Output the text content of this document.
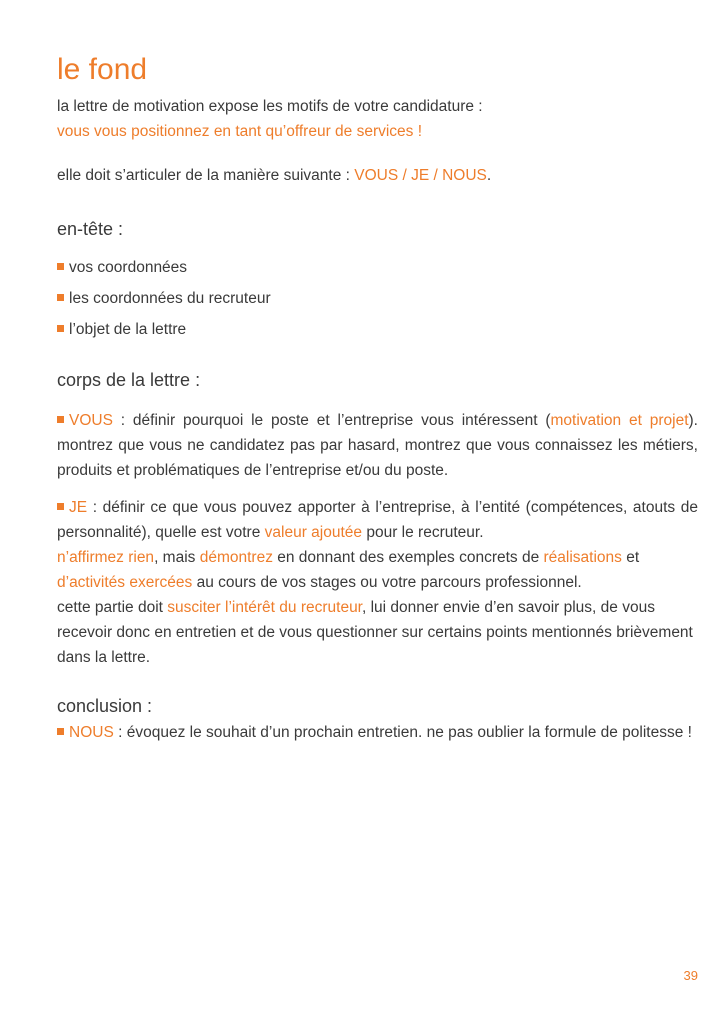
le fond

la lettre de motivation expose les motifs de votre candidature :

vous vous positionnez en tant qu’offreur de services !

elle doit s’articuler de la manière suivante : VOUS / JE / NOUS.

en-tête :
vos coordonnées
les coordonnées du recruteur
l’objet de la lettre
corps de la lettre :

VOUS : définir pourquoi le poste et l’entreprise vous intéressent (motivation et projet). montrez que vous ne candidatez pas par hasard, montrez que vous connaissez les métiers, produits et problématiques de l’entreprise et/ou du poste.

JE : définir ce que vous pouvez apporter à l’entreprise, à l’entité (compétences, atouts de personnalité), quelle est votre valeur ajoutée pour le recruteur.

n’affirmez rien, mais démontrez en donnant des exemples concrets de réalisations et d’activités exercées au cours de vos stages ou votre parcours professionnel.

cette partie doit susciter l’intérêt du recruteur, lui donner envie d’en savoir plus, de vous recevoir donc en entretien et de vous questionner sur certains points mentionnés brièvement dans la lettre.

conclusion :

NOUS : évoquez le souhait d’un prochain entretien. ne pas oublier la formule de politesse !

39
